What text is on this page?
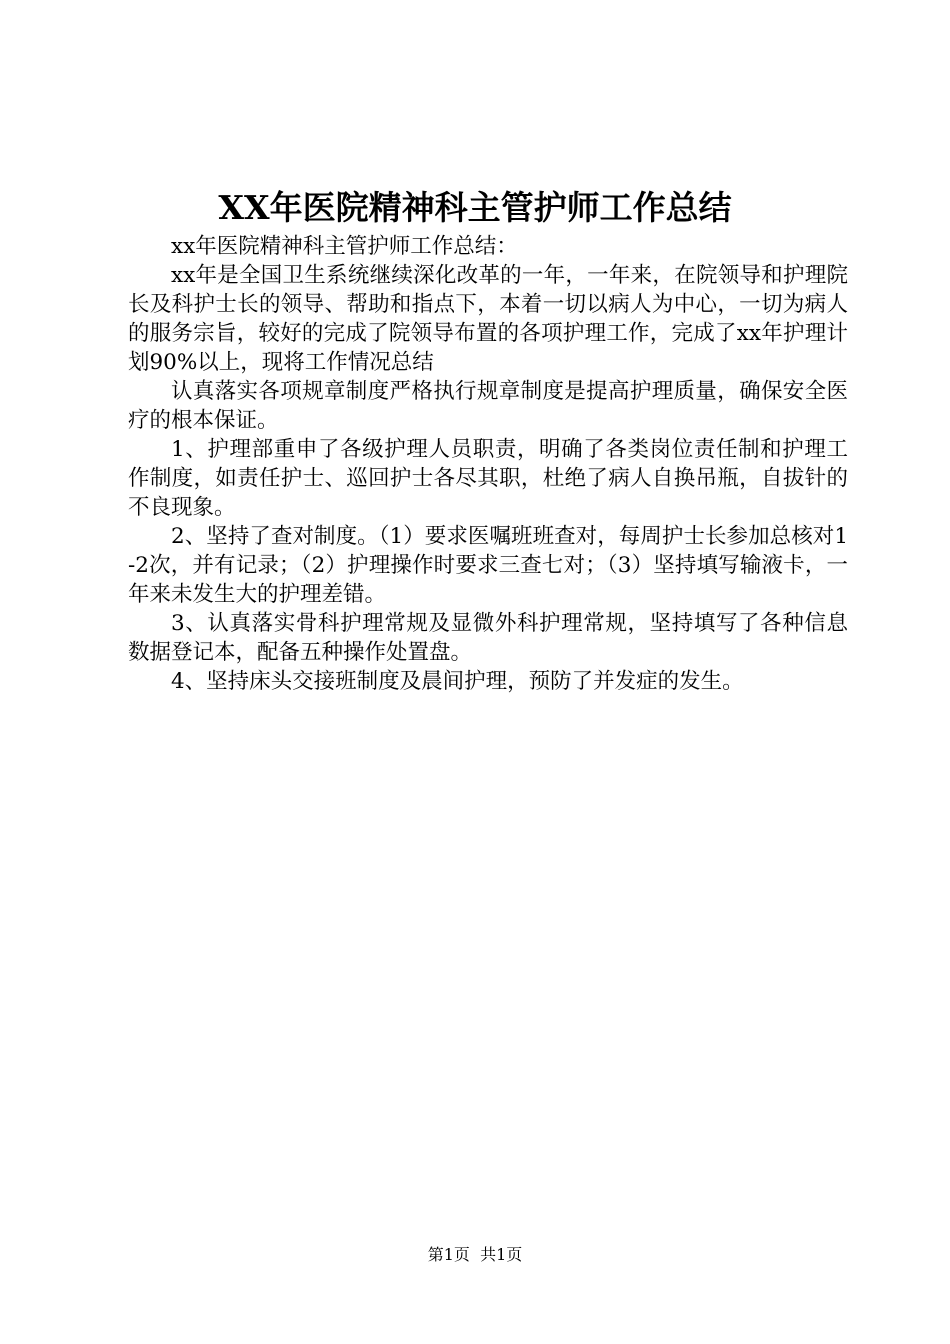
XX年医院精神科主管护师工作总结

xx年医院精神科主管护师工作总结：

xx年是全国卫生系统继续深化改革的一年，一年来，在院领导和护理院长及科护士长的领导、帮助和指点下，本着一切以病人为中心，一切为病人的服务宗旨，较好的完成了院领导布置的各项护理工作，完成了xx年护理计划90%以上，现将工作情况总结

认真落实各项规章制度严格执行规章制度是提高护理质量，确保安全医疗的根本保证。

1、护理部重申了各级护理人员职责，明确了各类岗位责任制和护理工作制度，如责任护士、巡回护士各尽其职，杜绝了病人自换吊瓶，自拔针的不良现象。

2、坚持了查对制度。（1）要求医嘱班班查对，每周护士长参加总核对1-2次，并有记录；（2）护理操作时要求三查七对；（3）坚持填写输液卡，一年来未发生大的护理差错。

3、认真落实骨科护理常规及显微外科护理常规，坚持填写了各种信息数据登记本，配备五种操作处置盘。

4、坚持床头交接班制度及晨间护理，预防了并发症的发生。

第1页  共1页
